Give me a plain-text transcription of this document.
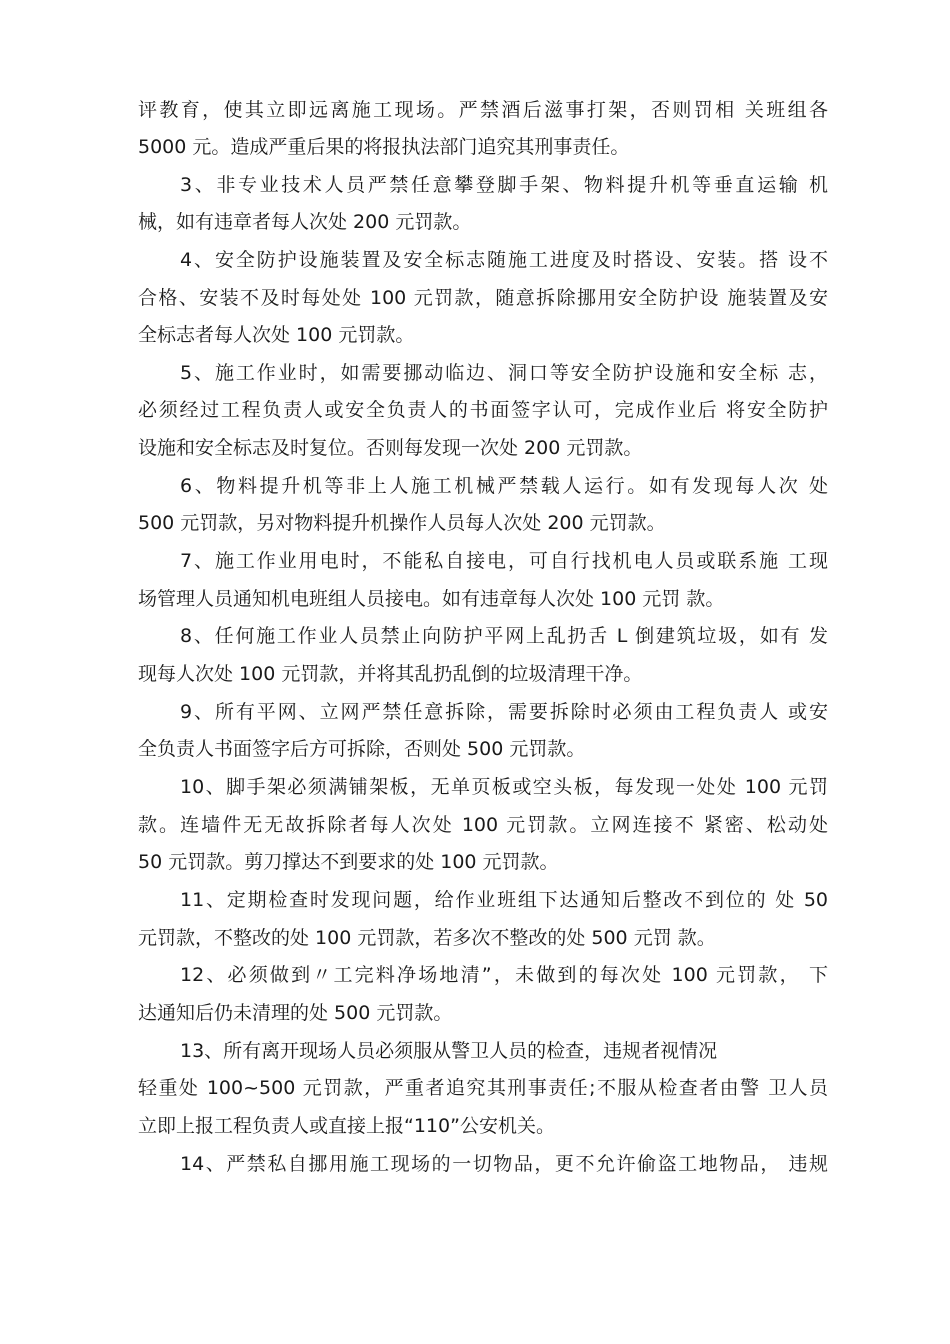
评教育，使其立即远离施工现场。严禁酒后滋事打架，否则罚相 关班组各
5000 元。造成严重后果的将报执法部门追究其刑事责任。
3、非专业技术人员严禁任意攀登脚手架、物料提升机等垂直运输 机
械，如有违章者每人次处 200 元罚款。
4、安全防护设施装置及安全标志随施工进度及时搭设、安装。搭 设不
合格、安装不及时每处处 100 元罚款，随意拆除挪用安全防护设 施装置及安
全标志者每人次处 100 元罚款。
5、施工作业时，如需要挪动临边、洞口等安全防护设施和安全标 志，
必须经过工程负责人或安全负责人的书面签字认可，完成作业后 将安全防护
设施和安全标志及时复位。否则每发现一次处 200 元罚款。
6、物料提升机等非上人施工机械严禁载人运行。如有发现每人次 处
500 元罚款，另对物料提升机操作人员每人次处 200 元罚款。
7、施工作业用电时，不能私自接电，可自行找机电人员或联系施 工现
场管理人员通知机电班组人员接电。如有违章每人次处 100 元罚 款。
8、任何施工作业人员禁止向防护平网上乱扔舌 L 倒建筑垃圾，如有 发
现每人次处 100 元罚款，并将其乱扔乱倒的垃圾清理干净。
9、所有平网、立网严禁任意拆除，需要拆除时必须由工程负责人 或安
全负责人书面签字后方可拆除，否则处 500 元罚款。
10、脚手架必须满铺架板，无单页板或空头板，每发现一处处 100 元罚
款。连墙件无无故拆除者每人次处 100 元罚款。立网连接不 紧密、松动处
50 元罚款。剪刀撑达不到要求的处 100 元罚款。
11、定期检查时发现问题，给作业班组下达通知后整改不到位的 处 50
元罚款，不整改的处 100 元罚款，若多次不整改的处 500 元罚 款。
12、必须做到〃工完料净场地清”，未做到的每次处 100 元罚款， 下
达通知后仍未清理的处 500 元罚款。
13、所有离开现场人员必须服从警卫人员的检查，违规者视情况
轻重处 100~500 元罚款，严重者追究其刑事责任;不服从检查者由警 卫人员
立即上报工程负责人或直接上报“110”公安机关。
14、严禁私自挪用施工现场的一切物品，更不允许偷盗工地物品， 违规
